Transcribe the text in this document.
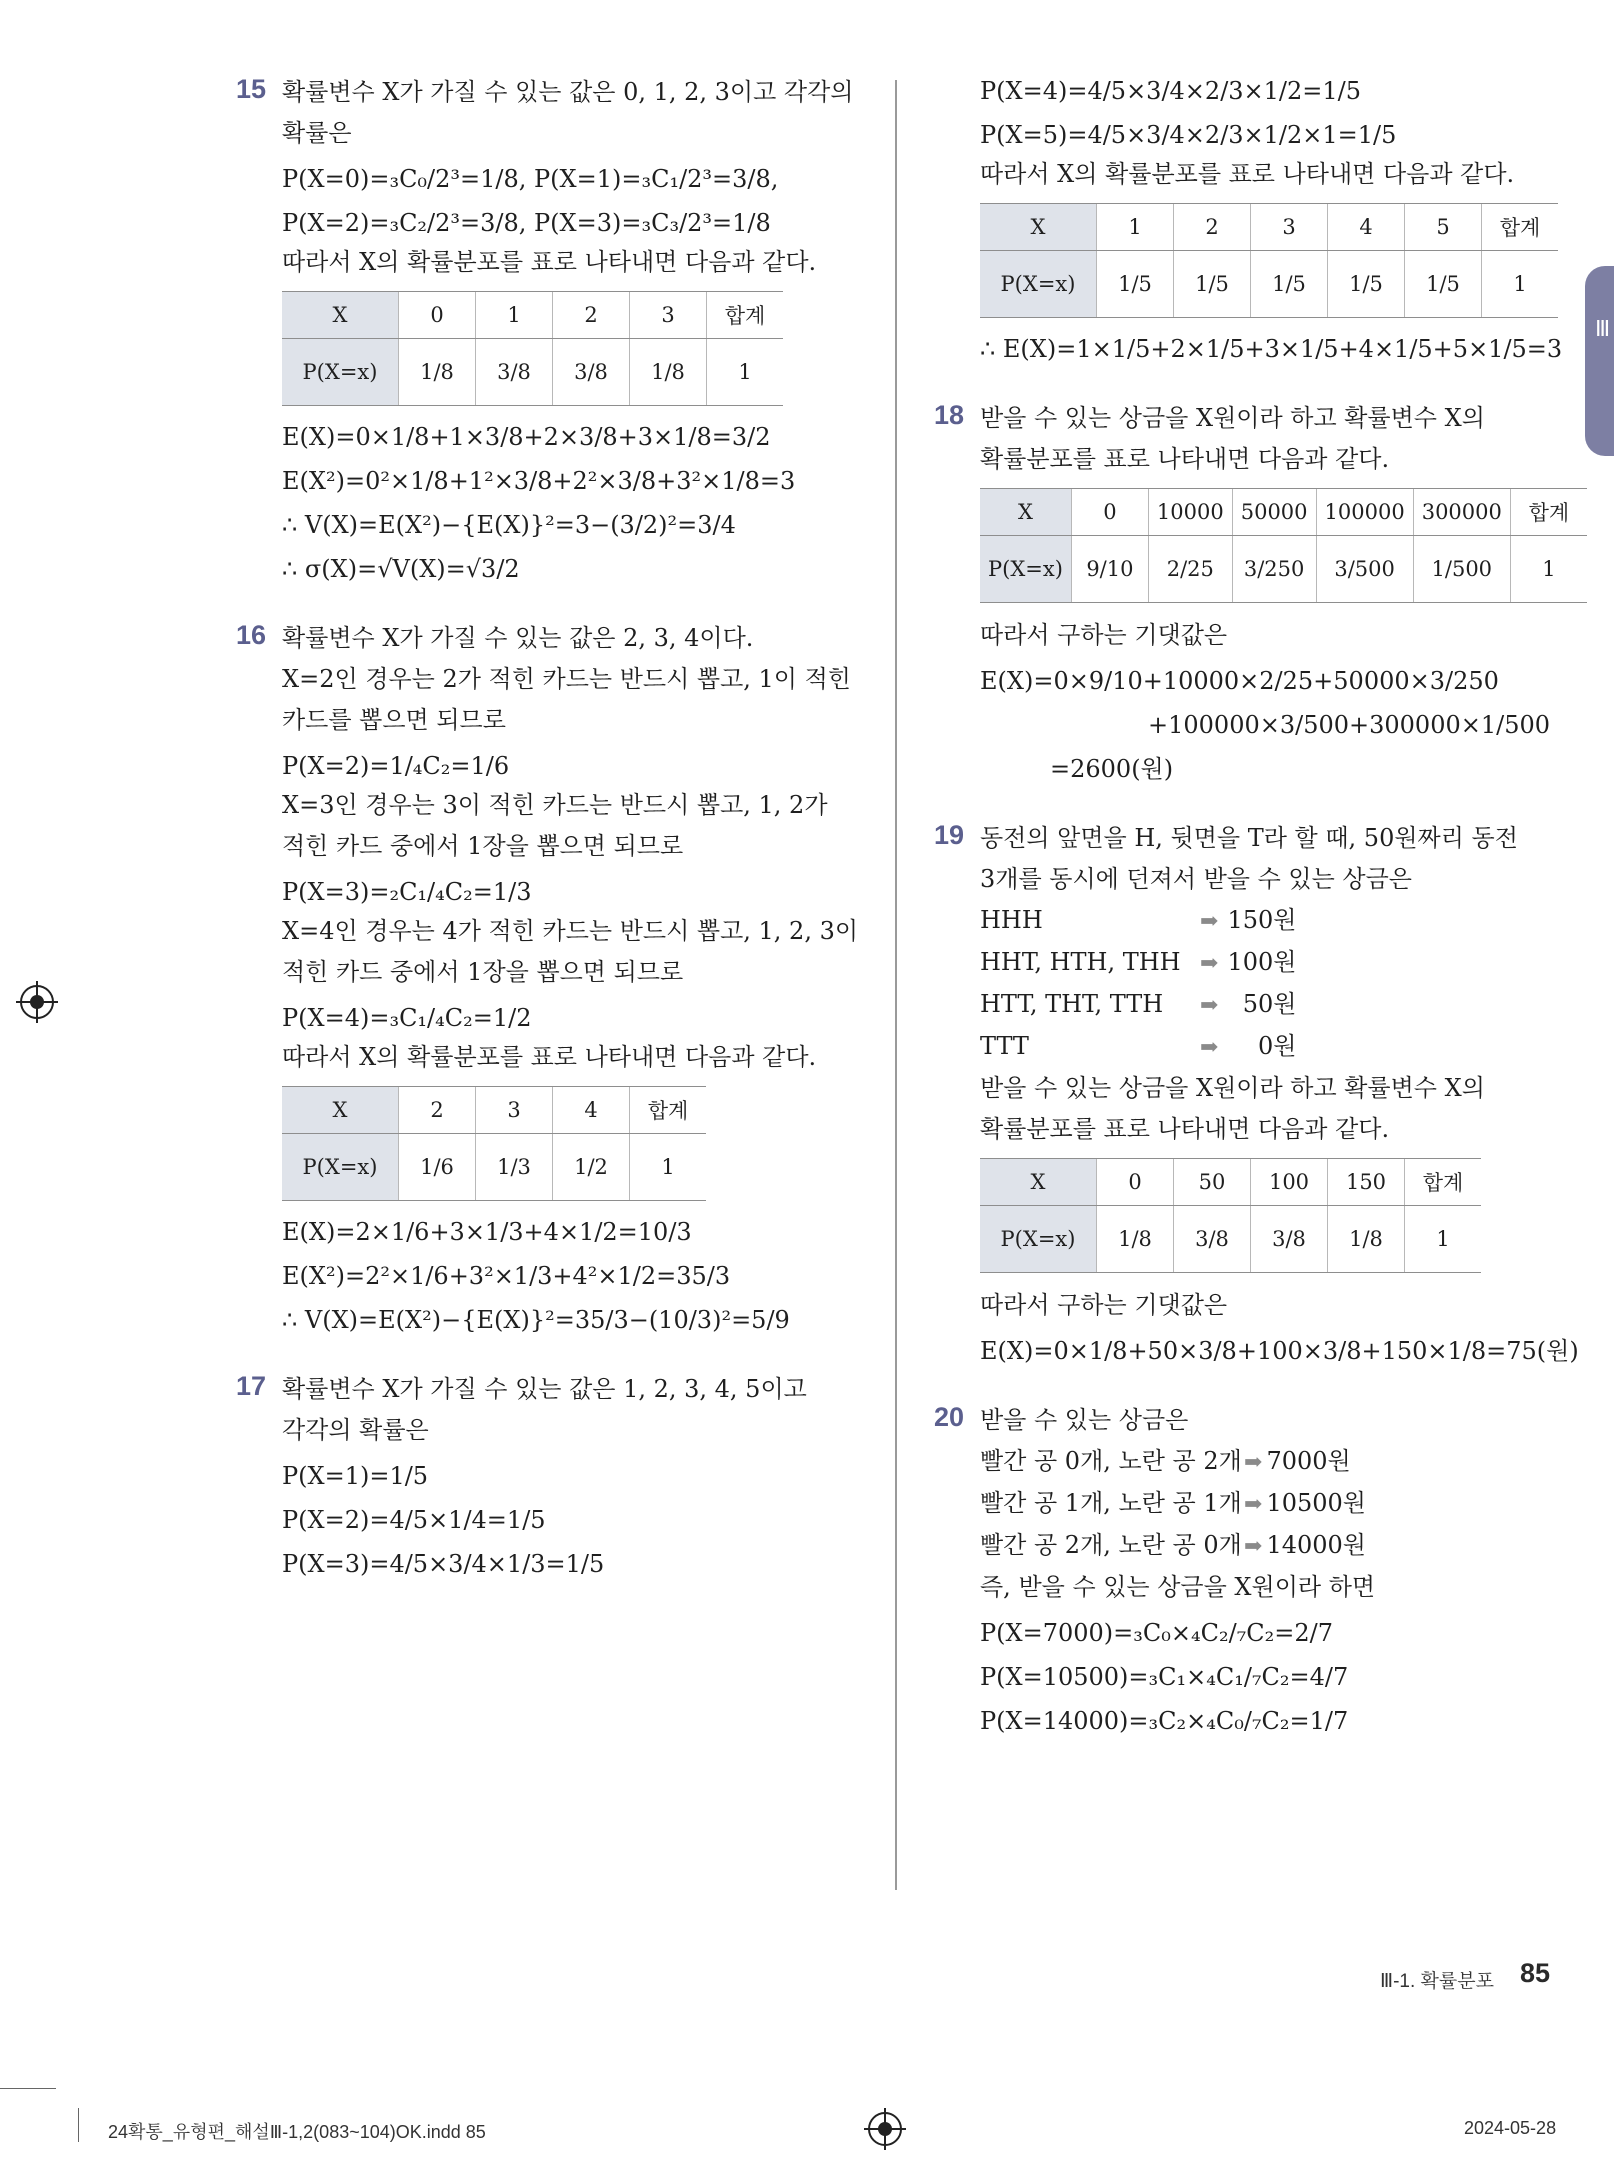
Ⅲ
15 확률변수 X가 가질 수 있는 값은 0, 1, 2, 3이고 각각의 확률은

P(X=0)=₃C₀/2³=1/8, P(X=1)=₃C₁/2³=3/8,

P(X=2)=₃C₂/2³=3/8, P(X=3)=₃C₃/2³=1/8

따라서 X의 확률분포를 표로 나타내면 다음과 같다.

X	0	1	2	3	합계
P(X=x)	1/8	3/8	3/8	1/8	1

E(X)=0×1/8+1×3/8+2×3/8+3×1/8=3/2

E(X²)=0²×1/8+1²×3/8+2²×3/8+3²×1/8=3

∴ V(X)=E(X²)−{E(X)}²=3−(3/2)²=3/4

∴ σ(X)=√V(X)=√3/2

16 확률변수 X가 가질 수 있는 값은 2, 3, 4이다.

X=2인 경우는 2가 적힌 카드는 반드시 뽑고, 1이 적힌 카드를 뽑으면 되므로

P(X=2)=1/₄C₂=1/6

X=3인 경우는 3이 적힌 카드는 반드시 뽑고, 1, 2가 적힌 카드 중에서 1장을 뽑으면 되므로

P(X=3)=₂C₁/₄C₂=1/3

X=4인 경우는 4가 적힌 카드는 반드시 뽑고, 1, 2, 3이 적힌 카드 중에서 1장을 뽑으면 되므로

P(X=4)=₃C₁/₄C₂=1/2

따라서 X의 확률분포를 표로 나타내면 다음과 같다.

X	2	3	4	합계
P(X=x)	1/6	1/3	1/2	1

E(X)=2×1/6+3×1/3+4×1/2=10/3

E(X²)=2²×1/6+3²×1/3+4²×1/2=35/3

∴ V(X)=E(X²)−{E(X)}²=35/3−(10/3)²=5/9

17 확률변수 X가 가질 수 있는 값은 1, 2, 3, 4, 5이고 각각의 확률은

P(X=1)=1/5

P(X=2)=4/5×1/4=1/5

P(X=3)=4/5×3/4×1/3=1/5

P(X=4)=4/5×3/4×2/3×1/2=1/5

P(X=5)=4/5×3/4×2/3×1/2×1=1/5

따라서 X의 확률분포를 표로 나타내면 다음과 같다.

X	1	2	3	4	5	합계
P(X=x)	1/5	1/5	1/5	1/5	1/5	1

∴ E(X)=1×1/5+2×1/5+3×1/5+4×1/5+5×1/5=3

18 받을 수 있는 상금을 X원이라 하고 확률변수 X의 확률분포를 표로 나타내면 다음과 같다.

X	0	10000	50000	100000	300000	합계
P(X=x)	9/10	2/25	3/250	3/500	1/500	1

따라서 구하는 기댓값은

E(X)=0×9/10+10000×2/25+50000×3/250

+100000×3/500+300000×1/500

=2600(원)

19 동전의 앞면을 H, 뒷면을 T라 할 때, 50원짜리 동전 3개를 동시에 던져서 받을 수 있는 상금은

HHH	➡ 150원

HHT, HTH, THH ➡ 100원

HTT, THT, TTH ➡ 50원

TTT	➡ 0원

받을 수 있는 상금을 X원이라 하고 확률변수 X의 확률분포를 표로 나타내면 다음과 같다.

X	0	50	100	150	합계
P(X=x)	1/8	3/8	3/8	1/8	1

따라서 구하는 기댓값은

E(X)=0×1/8+50×3/8+100×3/8+150×1/8=75(원)

20 받을 수 있는 상금은

빨간 공 0개, 노란 공 2개 ➡ 7000원

빨간 공 1개, 노란 공 1개 ➡ 10500원

빨간 공 2개, 노란 공 0개 ➡ 14000원

즉, 받을 수 있는 상금을 X원이라 하면

P(X=7000)=₃C₀×₄C₂/₇C₂=2/7

P(X=10500)=₃C₁×₄C₁/₇C₂=4/7

P(X=14000)=₃C₂×₄C₀/₇C₂=1/7

Ⅲ-1. 확률분포 85
24확통_유형편_해설Ⅲ-1,2(083~104)OK.indd 85	2024-05-28
